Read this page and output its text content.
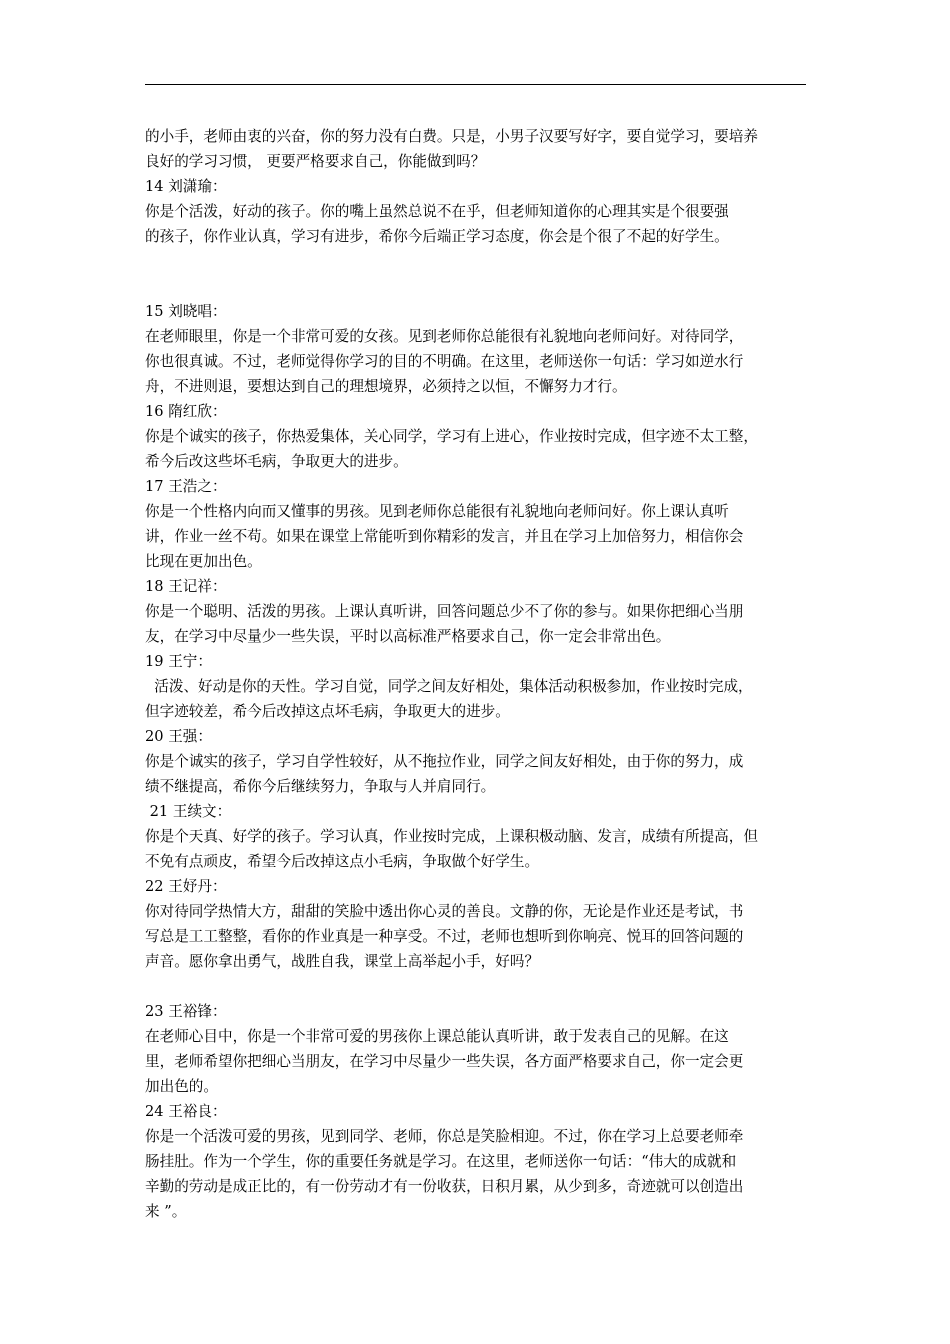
的小手，老师由衷的兴奋，你的努力没有白费。只是，小男子汉要写好字，要自觉学习，要培养
良好的学习习惯， 更要严格要求自己，你能做到吗？
14 刘潇瑜：
你是个活泼，好动的孩子。你的嘴上虽然总说不在乎，但老师知道你的心理其实是个很要强
的孩子，你作业认真，学习有进步，希你今后端正学习态度，你会是个很了不起的好学生。
15 刘晓唱：
在老师眼里，你是一个非常可爱的女孩。见到老师你总能很有礼貌地向老师问好。对待同学，
你也很真诚。不过，老师觉得你学习的目的不明确。在这里，老师送你一句话：学习如逆水行
舟，不进则退，要想达到自己的理想境界，必须持之以恒，不懈努力才行。
16 隋红欣：
你是个诚实的孩子，你热爱集体，关心同学，学习有上进心，作业按时完成，但字迹不太工整，
希今后改这些坏毛病，争取更大的进步。
17 王浩之：
你是一个性格内向而又懂事的男孩。见到老师你总能很有礼貌地向老师问好。你上课认真听
讲，作业一丝不苟。如果在课堂上常能听到你精彩的发言，并且在学习上加倍努力，相信你会
比现在更加出色。
18 王记祥：
你是一个聪明、活泼的男孩。上课认真听讲，回答问题总少不了你的参与。如果你把细心当朋
友，在学习中尽量少一些失误，平时以高标准严格要求自己，你一定会非常出色。
19 王宁：
活泼、好动是你的天性。学习自觉，同学之间友好相处，集体活动积极参加，作业按时完成，
但字迹较差，希今后改掉这点坏毛病，争取更大的进步。
20 王强：
你是个诚实的孩子，学习自学性较好，从不拖拉作业，同学之间友好相处，由于你的努力，成
绩不继提高，希你今后继续努力，争取与人并肩同行。
21 王续文：
你是个天真、好学的孩子。学习认真，作业按时完成，上课积极动脑、发言，成绩有所提高，但
不免有点顽皮，希望今后改掉这点小毛病，争取做个好学生。
22 王妤丹：
你对待同学热情大方，甜甜的笑脸中透出你心灵的善良。文静的你，无论是作业还是考试，书
写总是工工整整，看你的作业真是一种享受。不过，老师也想听到你响亮、悦耳的回答问题的
声音。愿你拿出勇气，战胜自我，课堂上高举起小手，好吗？
23 王裕锋：
在老师心目中，你是一个非常可爱的男孩你上课总能认真听讲，敢于发表自己的见解。在这
里，老师希望你把细心当朋友，在学习中尽量少一些失误，各方面严格要求自己，你一定会更
加出色的。
24 王裕良：
你是一个活泼可爱的男孩，见到同学、老师，你总是笑脸相迎。不过，你在学习上总要老师牵
肠挂肚。作为一个学生，你的重要任务就是学习。在这里，老师送你一句话：“伟大的成就和
辛勤的劳动是成正比的，有一份劳动才有一份收获，日积月累，从少到多，奇迹就可以创造出
来 ”。
